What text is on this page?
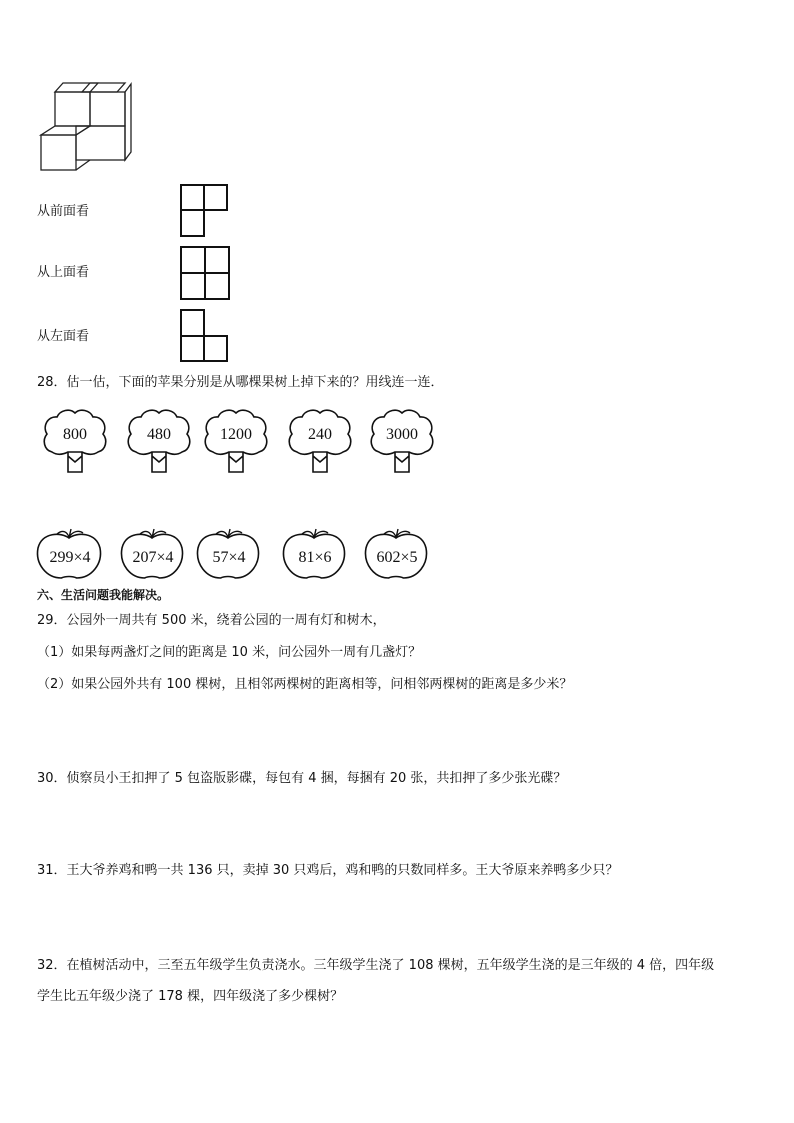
从前面看
从上面看
从左面看
28．估一估，下面的苹果分别是从哪棵果树上掉下来的？用线连一连．
800	480	1200	240	3000
299×4	207×4 57×4	81×6	602×5
六、生活问题我能解决。
29．公园外一周共有 500 米，绕着公园的一周有灯和树木，
（1）如果每两盏灯之间的距离是 10 米，问公园外一周有几盏灯？
（2）如果公园外共有 100 棵树，且相邻两棵树的距离相等，问相邻两棵树的距离是多少米？
30．侦察员小王扣押了 5 包盗版影碟，每包有 4 捆，每捆有 20 张，共扣押了多少张光碟？
31．王大爷养鸡和鸭一共 136 只，卖掉 30 只鸡后，鸡和鸭的只数同样多。王大爷原来养鸭多少只？
32．在植树活动中，三至五年级学生负责浇水。三年级学生浇了 108 棵树，五年级学生浇的是三年级的 4 倍，四年级
学生比五年级少浇了 178 棵，四年级浇了多少棵树？
